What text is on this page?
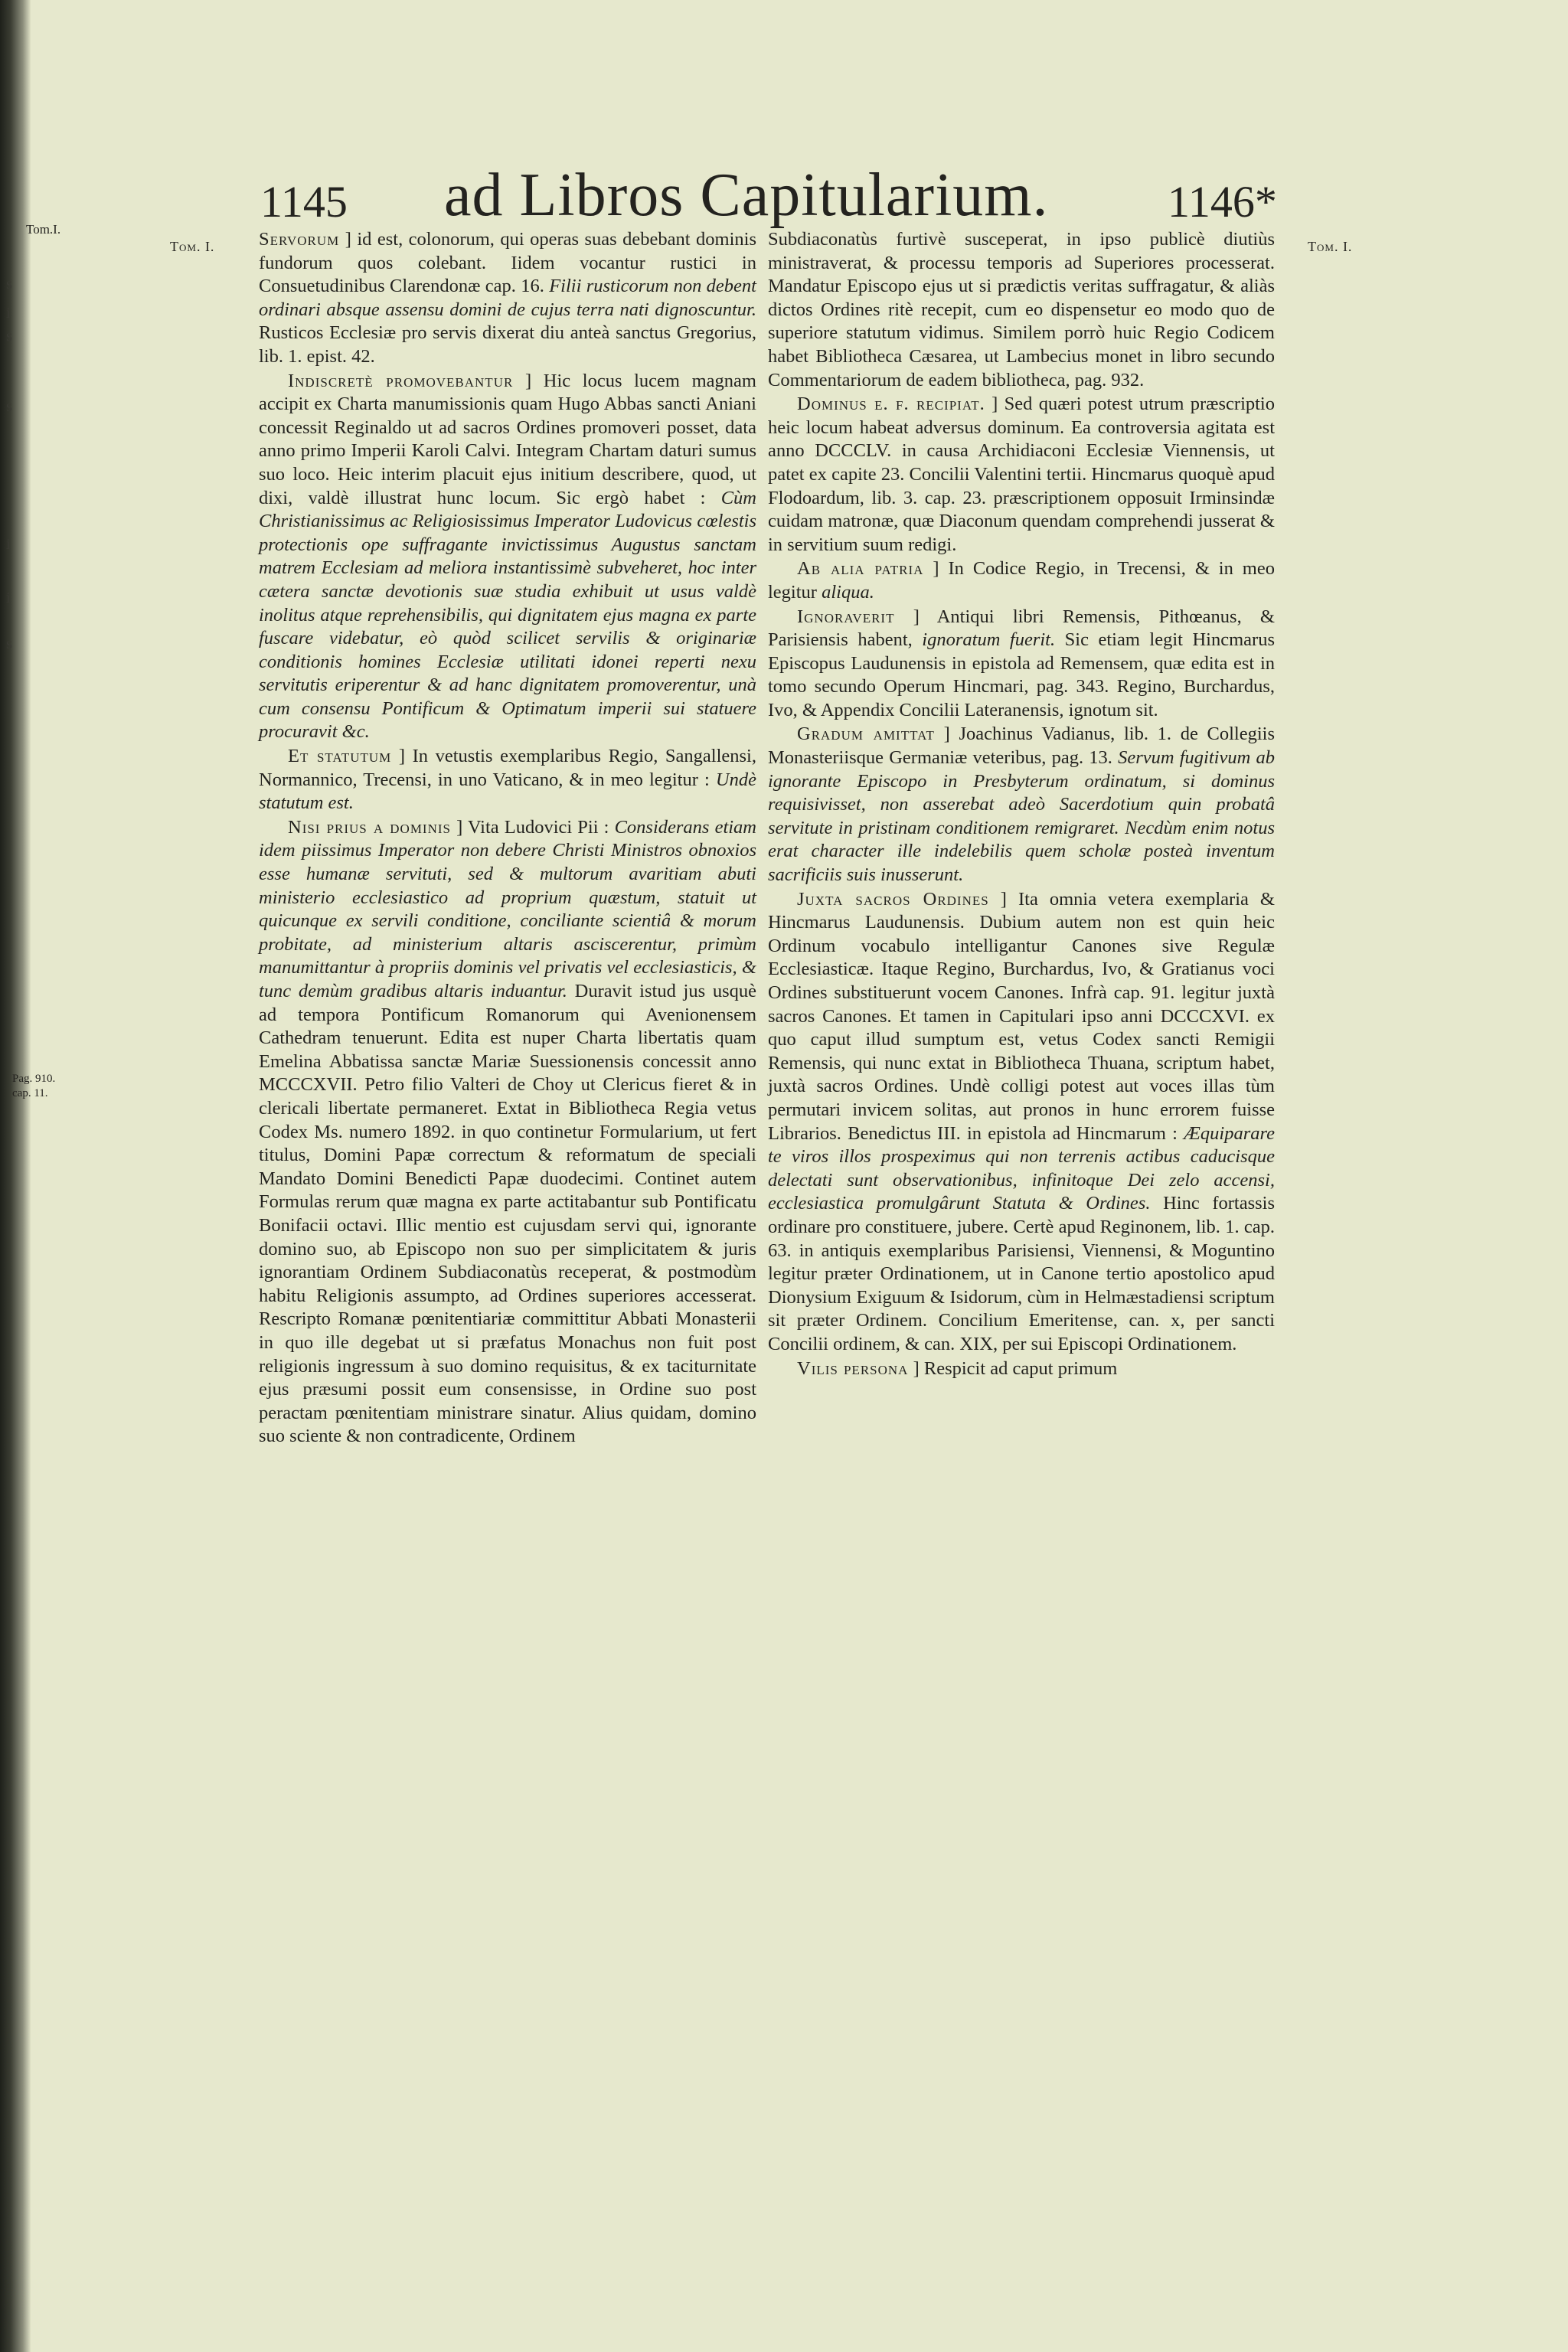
Tom.I.
s
i
s
s
i
i
s
Pag. 910.
cap. 11.
1145 ad Libros Capitularium.	1146*
Tom. I.	Tom. I.

Servorum ] id est, colonorum, qui operas suas debebant dominis fundorum quos colebant. Iidem vocantur rustici in Consuetudinibus Clarendonæ cap. 16. Filii rusticorum non debent ordinari absque assensu domini de cujus terra nati dignoscuntur. Rusticos Ecclesiæ pro servis dixerat diu anteà sanctus Gregorius, lib. 1. epist. 42.

Indiscretè promovebantur ] Hic locus lucem magnam accipit ex Charta manumissionis quam Hugo Abbas sancti Aniani concessit Reginaldo ut ad sacros Ordines promoveri posset, data anno primo Imperii Karoli Calvi. Integram Chartam daturi sumus suo loco. Heic interim placuit ejus initium describere, quod, ut dixi, valdè illustrat hunc locum. Sic ergò habet : Cùm Christianissimus ac Religiosissimus Imperator Ludovicus cœlestis protectionis ope suffragante invictissimus Augustus sanctam matrem Ecclesiam ad meliora instantissimè subveheret, hoc inter cætera sanctæ devotionis suæ studia exhibuit ut usus valdè inolitus atque reprehensibilis, qui dignitatem ejus magna ex parte fuscare videbatur, eò quòd scilicet servilis & originariæ conditionis homines Ecclesiæ utilitati idonei reperti nexu servitutis eriperentur & ad hanc dignitatem promoverentur, unà cum consensu Pontificum & Optimatum imperii sui statuere procuravit &c.

Et statutum ] In vetustis exemplaribus Regio, Sangallensi, Normannico, Trecensi, in uno Vaticano, & in meo legitur : Undè statutum est.

Nisi prius a dominis ] Vita Ludovici Pii : Considerans etiam idem piissimus Imperator non debere Christi Ministros obnoxios esse humanæ servituti, sed & multorum avaritiam abuti ministerio ecclesiastico ad proprium quæstum, statuit ut quicunque ex servili conditione, conciliante scientiâ & morum probitate, ad ministerium altaris asciscerentur, primùm manumittantur à propriis dominis vel privatis vel ecclesiasticis, & tunc demùm gradibus altaris induantur. Duravit istud jus usquè ad tempora Pontificum Romanorum qui Avenionensem Cathedram tenuerunt. Edita est nuper Charta libertatis quam Emelina Abbatissa sanctæ Mariæ Suessionensis concessit anno MCCCXVII. Petro filio Valteri de Choy ut Clericus fieret & in clericali libertate permaneret. Extat in Bibliotheca Regia vetus Codex Ms. numero 1892. in quo continetur Formularium, ut fert titulus, Domini Papæ correctum & reformatum de speciali Mandato Domini Benedicti Papæ duodecimi. Continet autem Formulas rerum quæ magna ex parte actitabantur sub Pontificatu Bonifacii octavi. Illic mentio est cujusdam servi qui, ignorante domino suo, ab Episcopo non suo per simplicitatem & juris ignorantiam Ordinem Subdiaconatùs receperat, & postmodùm habitu Religionis assumpto, ad Ordines superiores accesserat. Rescripto Romanæ pœnitentiariæ committitur Abbati Monasterii in quo ille degebat ut si præfatus Monachus non fuit post religionis ingressum à suo domino requisitus, & ex taciturnitate ejus præsumi possit eum consensisse, in Ordine suo post peractam pœnitentiam ministrare sinatur. Alius quidam, domino suo sciente & non contradicente, Ordinem

Subdiaconatùs furtivè susceperat, in ipso publicè diutiùs ministraverat, & processu temporis ad Superiores processerat. Mandatur Episcopo ejus ut si prædictis veritas suffragatur, & aliàs dictos Ordines ritè recepit, cum eo dispensetur eo modo quo de superiore statutum vidimus. Similem porrò huic Regio Codicem habet Bibliotheca Cæsarea, ut Lambecius monet in libro secundo Commentariorum de eadem bibliotheca, pag. 932.

Dominus e. f. recipiat. ] Sed quæri potest utrum præscriptio heic locum habeat adversus dominum. Ea controversia agitata est anno DCCCLV. in causa Archidiaconi Ecclesiæ Viennensis, ut patet ex capite 23. Concilii Valentini tertii. Hincmarus quoquè apud Flodoardum, lib. 3. cap. 23. præscriptionem opposuit Irminsindæ cuidam matronæ, quæ Diaconum quendam comprehendi jusserat & in servitium suum redigi.

Ab alia patria ] In Codice Regio, in Trecensi, & in meo legitur aliqua.

Ignoraverit ] Antiqui libri Remensis, Pithœanus, & Parisiensis habent, ignoratum fuerit. Sic etiam legit Hincmarus Episcopus Laudunensis in epistola ad Remensem, quæ edita est in tomo secundo Operum Hincmari, pag. 343. Regino, Burchardus, Ivo, & Appendix Concilii Lateranensis, ignotum sit.

Gradum amittat ] Joachinus Vadianus, lib. 1. de Collegiis Monasteriisque Germaniæ veteribus, pag. 13. Servum fugitivum ab ignorante Episcopo in Presbyterum ordinatum, si dominus requisivisset, non asserebat adeò Sacerdotium quin probatâ servitute in pristinam conditionem remigraret. Necdùm enim notus erat character ille indelebilis quem scholæ posteà inventum sacrificiis suis inusserunt.

Juxta sacros Ordines ] Ita omnia vetera exemplaria & Hincmarus Laudunensis. Dubium autem non est quin heic Ordinum vocabulo intelligantur Canones sive Regulæ Ecclesiasticæ. Itaque Regino, Burchardus, Ivo, & Gratianus voci Ordines substituerunt vocem Canones. Infrà cap. 91. legitur juxtà sacros Canones. Et tamen in Capitulari ipso anni DCCCXVI. ex quo caput illud sumptum est, vetus Codex sancti Remigii Remensis, qui nunc extat in Bibliotheca Thuana, scriptum habet, juxtà sacros Ordines. Undè colligi potest aut voces illas tùm permutari invicem solitas, aut pronos in hunc errorem fuisse Librarios. Benedictus III. in epistola ad Hincmarum : Æquiparare te viros illos prospeximus qui non terrenis actibus caducisque delectati sunt observationibus, infinitoque Dei zelo accensi, ecclesiastica promulgârunt Statuta & Ordines. Hinc fortassis ordinare pro constituere, jubere. Certè apud Reginonem, lib. 1. cap. 63. in antiquis exemplaribus Parisiensi, Viennensi, & Moguntino legitur præter Ordinationem, ut in Canone tertio apostolico apud Dionysium Exiguum & Isidorum, cùm in Helmæstadiensi scriptum sit præter Ordinem. Concilium Emeritense, can. x, per sancti Concilii ordinem, & can. XIX, per sui Episcopi Ordinationem.

Vilis persona ] Respicit ad caput primum
